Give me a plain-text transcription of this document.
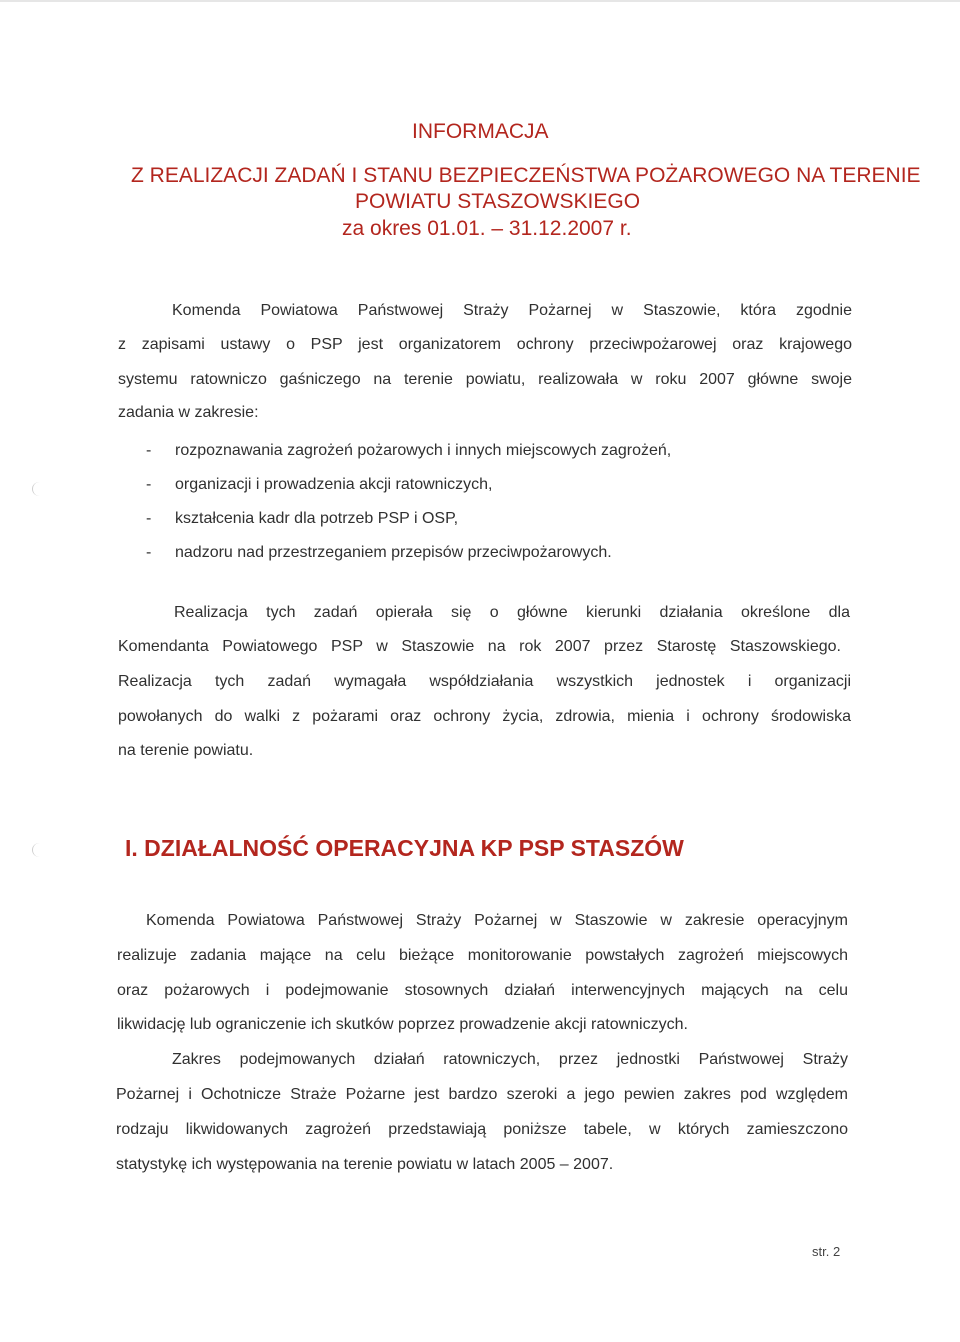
INFORMACJA
Z REALIZACJI ZADAŃ I STANU BEZPIECZEŃSTWA POŻAROWEGO NA TERENIE
POWIATU STASZOWSKIEGO
za okres 01.01. – 31.12.2007 r.
Komenda Powiatowa Państwowej Straży Pożarnej w Staszowie, która zgodnie
z zapisami ustawy o PSP jest organizatorem ochrony przeciwpożarowej oraz krajowego
systemu ratowniczo gaśniczego na terenie powiatu, realizowała w roku 2007 główne swoje
zadania w zakresie:
- rozpoznawania zagrożeń pożarowych i innych miejscowych zagrożeń,
- organizacji i prowadzenia akcji ratowniczych,
- kształcenia kadr dla potrzeb PSP i OSP,
- nadzoru nad przestrzeganiem przepisów przeciwpożarowych.
Realizacja tych zadań opierała się o główne kierunki działania określone dla
Komendanta Powiatowego PSP w Staszowie na rok 2007 przez Starostę Staszowskiego.
Realizacja tych zadań wymagała współdziałania wszystkich jednostek i organizacji
powołanych do walki z pożarami oraz ochrony życia, zdrowia, mienia i ochrony środowiska
na terenie powiatu.
I. DZIAŁALNOŚĆ OPERACYJNA KP PSP STASZÓW
Komenda Powiatowa Państwowej Straży Pożarnej w Staszowie w zakresie operacyjnym
realizuje zadania mające na celu bieżące monitorowanie powstałych zagrożeń miejscowych
oraz pożarowych i podejmowanie stosownych działań interwencyjnych mających na celu
likwidację lub ograniczenie ich skutków poprzez prowadzenie akcji ratowniczych.
Zakres podejmowanych działań ratowniczych, przez jednostki Państwowej Straży
Pożarnej i Ochotnicze Straże Pożarne jest bardzo szeroki a jego pewien zakres pod względem
rodzaju likwidowanych zagrożeń przedstawiają poniższe tabele, w których zamieszczono
statystykę ich występowania na terenie powiatu w latach 2005 – 2007.
str. 2
